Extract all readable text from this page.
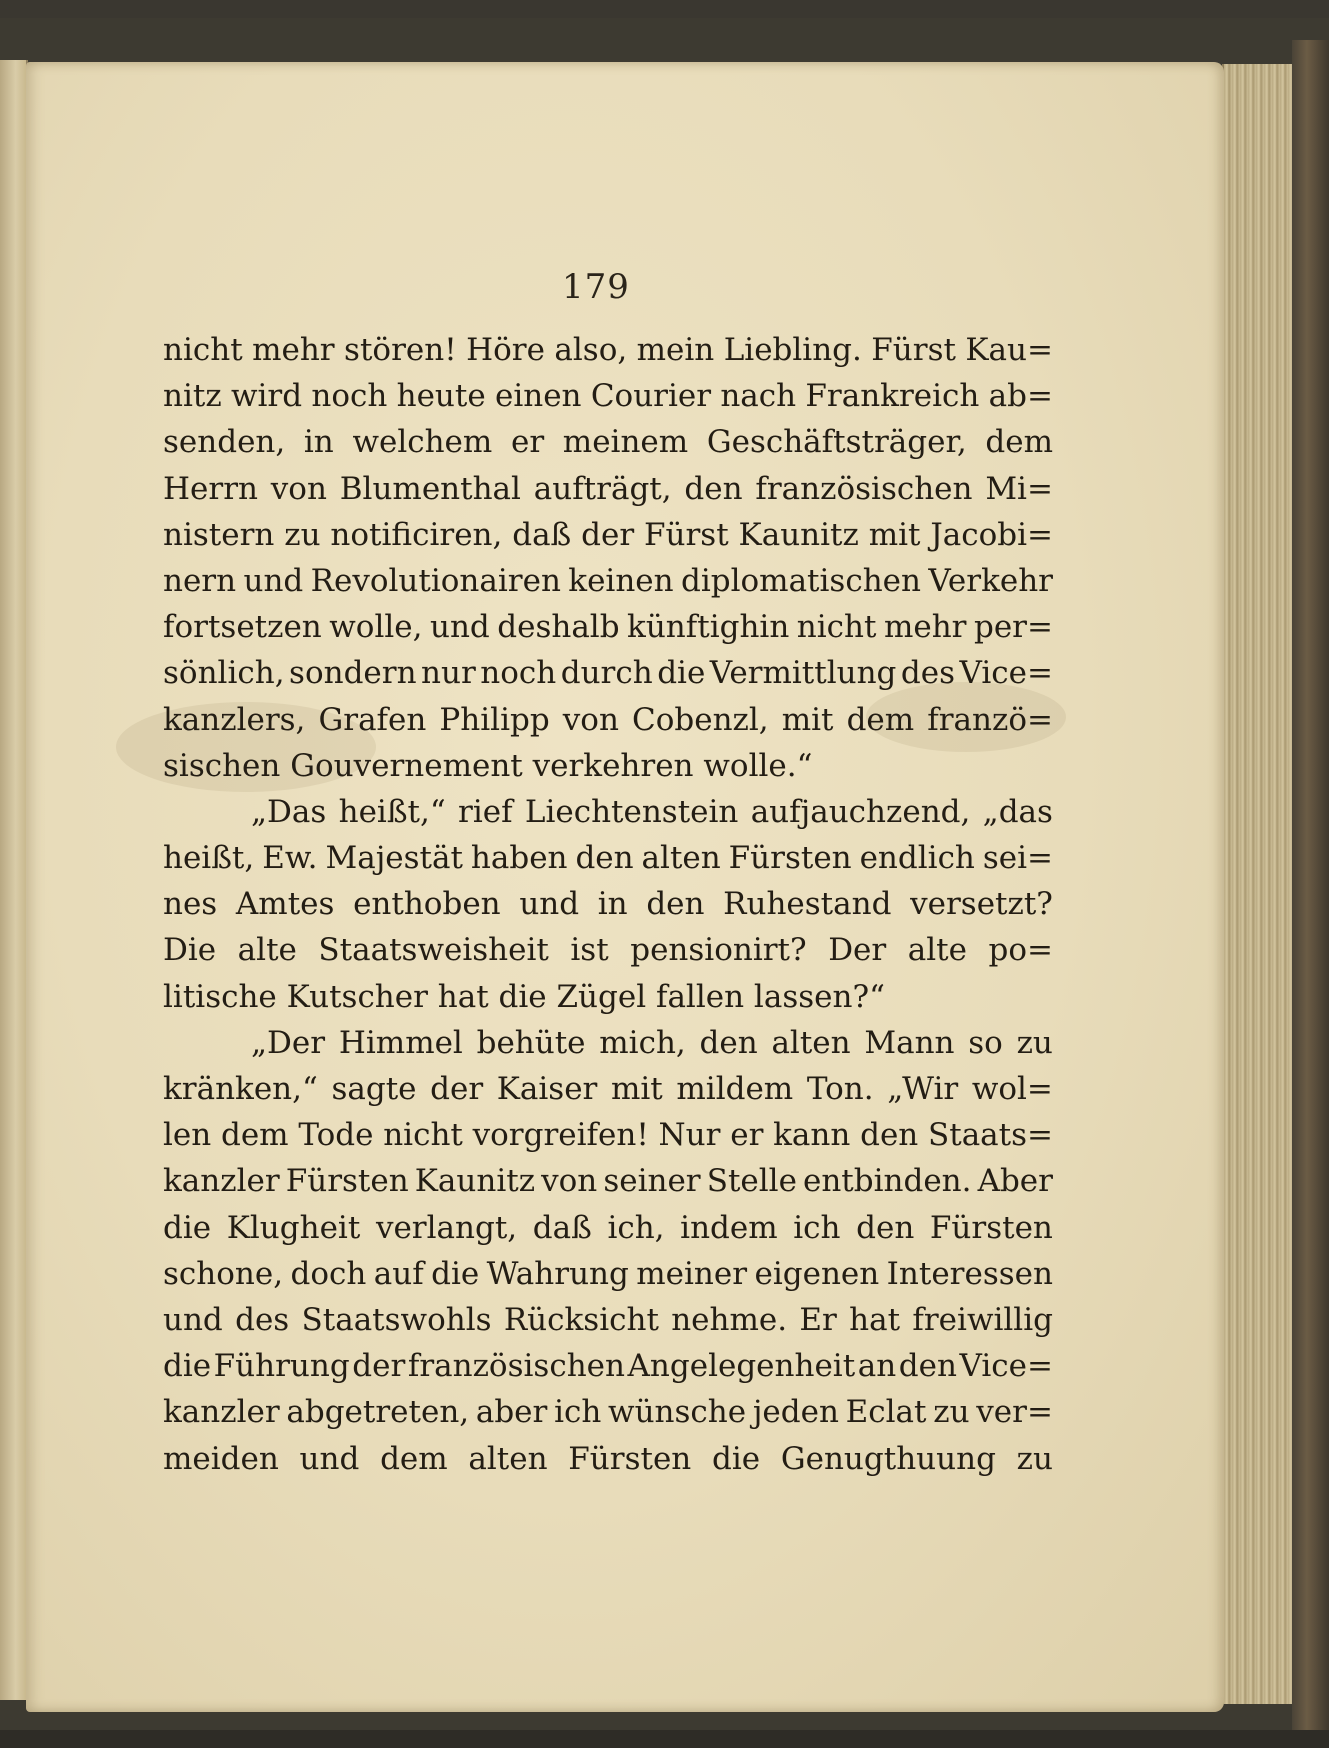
179
nicht mehr stören! Höre also, mein Liebling. Fürst Kau=
nitz wird noch heute einen Courier nach Frankreich ab=
senden, in welchem er meinem Geschäftsträger, dem
Herrn von Blumenthal aufträgt, den französischen Mi=
nistern zu notificiren, daß der Fürst Kaunitz mit Jacobi=
nern und Revolutionairen keinen diplomatischen Verkehr
fortsetzen wolle, und deshalb künftighin nicht mehr per=
sönlich, sondern nur noch durch die Vermittlung des Vice=
kanzlers, Grafen Philipp von Cobenzl, mit dem franzö=
sischen Gouvernement verkehren wolle.“
„Das heißt,“ rief Liechtenstein aufjauchzend, „das
heißt, Ew. Majestät haben den alten Fürsten endlich sei=
nes Amtes enthoben und in den Ruhestand versetzt?
Die alte Staatsweisheit ist pensionirt? Der alte po=
litische Kutscher hat die Zügel fallen lassen?“
„Der Himmel behüte mich, den alten Mann so zu
kränken,“ sagte der Kaiser mit mildem Ton. „Wir wol=
len dem Tode nicht vorgreifen! Nur er kann den Staats=
kanzler Fürsten Kaunitz von seiner Stelle entbinden. Aber
die Klugheit verlangt, daß ich, indem ich den Fürsten
schone, doch auf die Wahrung meiner eigenen Interessen
und des Staatswohls Rücksicht nehme. Er hat freiwillig
die Führung der französischen Angelegenheit an den Vice=
kanzler abgetreten, aber ich wünsche jeden Eclat zu ver=
meiden und dem alten Fürsten die Genugthuung zu
